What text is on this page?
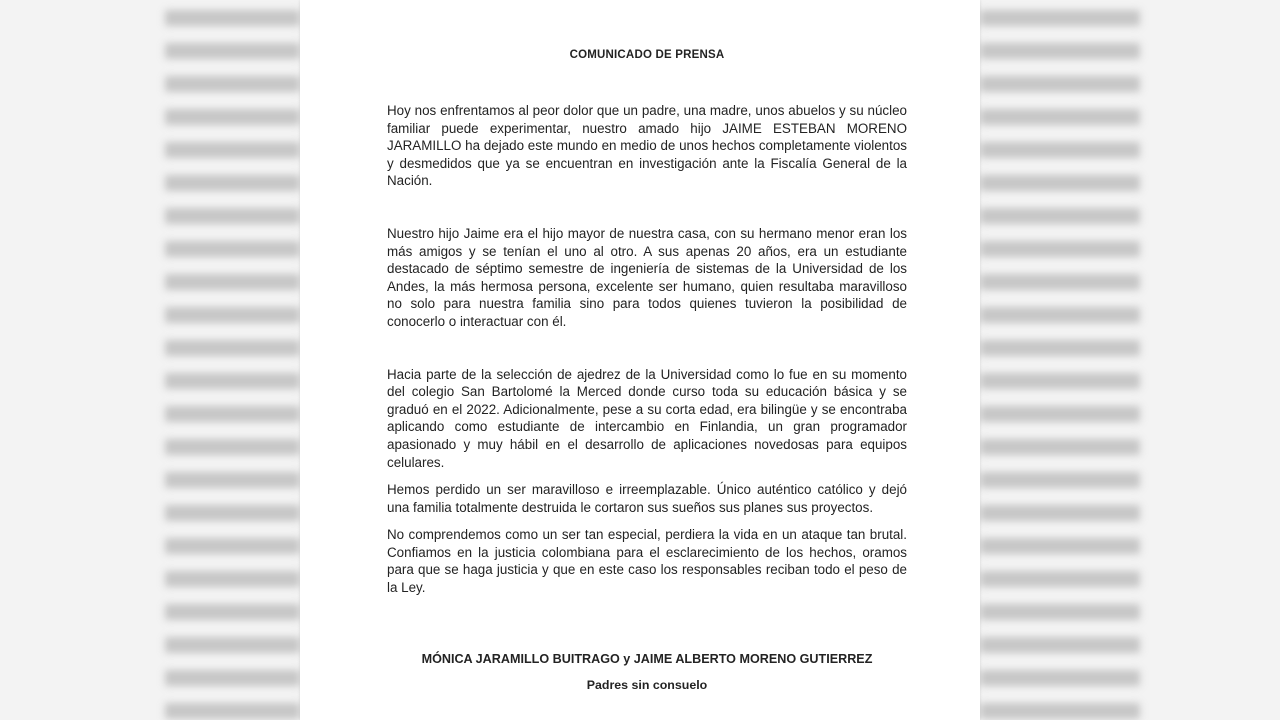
COMUNICADO DE PRENSA

Hoy nos enfrentamos al peor dolor que un padre, una madre, unos abuelos y su núcleo familiar puede experimentar, nuestro amado hijo JAIME ESTEBAN MORENO JARAMILLO ha dejado este mundo en medio de unos hechos completamente violentos y desmedidos que ya se encuentran en investigación ante la Fiscalía General de la Nación.

Nuestro hijo Jaime era el hijo mayor de nuestra casa, con su hermano menor eran los más amigos y se tenían el uno al otro. A sus apenas 20 años, era un estudiante destacado de séptimo semestre de ingeniería de sistemas de la Universidad de los Andes, la más hermosa persona, excelente ser humano, quien resultaba maravilloso no solo para nuestra familia sino para todos quienes tuvieron la posibilidad de conocerlo o interactuar con él.

Hacia parte de la selección de ajedrez de la Universidad como lo fue en su momento del colegio San Bartolomé la Merced donde curso toda su educación básica y se graduó en el 2022. Adicionalmente, pese a su corta edad, era bilingüe y se encontraba aplicando como estudiante de intercambio en Finlandia, un gran programador apasionado y muy hábil en el desarrollo de aplicaciones novedosas para equipos celulares.

Hemos perdido un ser maravilloso e irreemplazable. Único auténtico católico y dejó una familia totalmente destruida le cortaron sus sueños sus planes sus proyectos.

No comprendemos como un ser tan especial, perdiera la vida en un ataque tan brutal. Confiamos en la justicia colombiana para el esclarecimiento de los hechos, oramos para que se haga justicia y que en este caso los responsables reciban todo el peso de la Ley.

MÓNICA JARAMILLO BUITRAGO y JAIME ALBERTO MORENO GUTIERREZ
Padres sin consuelo
